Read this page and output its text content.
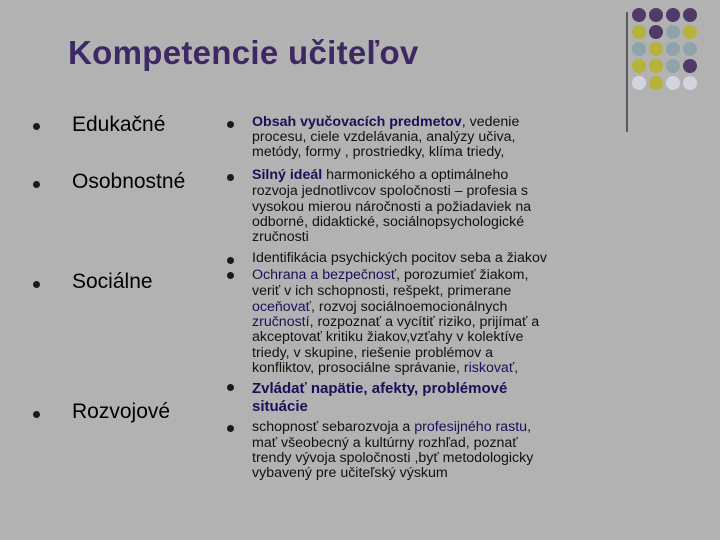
Kompetencie učiteľov
Edukačné
Osobnostné
Sociálne
Rozvojové
Obsah vyučovacích predmetov, vedenie
procesu, ciele vzdelávania, analýzy učiva,
metódy, formy , prostriedky, klíma triedy,
Silný ideál harmonického a optimálneho
rozvoja jednotlivcov spoločnosti – profesia s
vysokou mierou náročnosti a požiadaviek na
odborné, didaktické, sociálnopsychologické
zručnosti
Identifikácia psychických pocitov seba a žiakov
Ochrana a bezpečnosť, porozumieť žiakom,
veriť v ich schopnosti, rešpekt, primerane
oceňovať, rozvoj sociálnoemocionálnych
zručností, rozpoznať a vycítiť riziko, prijímať a
akceptovať kritiku žiakov,vzťahy v kolektíve
triedy, v skupine, riešenie problémov a
konfliktov, prosociálne správanie, riskovať,
Zvládať napätie, afekty, problémové
situácie
schopnosť sebarozvoja a profesijného rastu,
mať všeobecný a kultúrny rozhľad, poznať
trendy vývoja spoločnosti ,byť metodologicky
vybavený pre učiteľský výskum
